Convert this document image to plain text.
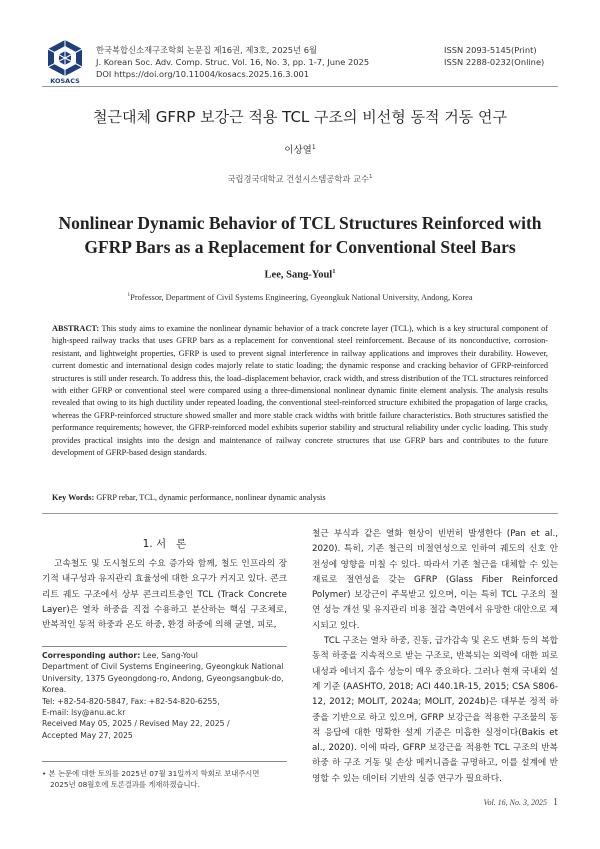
KOSACS
한국복합신소재구조학회 논문집 제16권, 제3호, 2025년 6월
J. Korean Soc. Adv. Comp. Struc. Vol. 16, No. 3, pp. 1-7, June 2025
DOI https://doi.org/10.11004/kosacs.2025.16.3.001
ISSN 2093-5145(Print)
ISSN 2288-0232(Online)
철근대체 GFRP 보강근 적용 TCL 구조의 비선형 동적 거동 연구
이상열$^1$
국립경국대학교 건설시스템공학과 교수$^1$
Nonlinear Dynamic Behavior of TCL Structures Reinforced with
GFRP Bars as a Replacement for Conventional Steel Bars
Lee, Sang-Youl$^1$
$^1$Professor, Department of Civil Systems Engineering, Gyeongkuk National University, Andong, Korea
ABSTRACT: This study aims to examine the nonlinear dynamic behavior of a track concrete layer (TCL), which is a key structural component of high-speed railway tracks that uses GFRP bars as a replacement for conventional steel reinforcement. Because of its nonconductive, corrosion-resistant, and lightweight properties, GFRP is used to prevent signal interference in railway applications and improves their durability. However, current domestic and international design codes majorly relate to static loading; the dynamic response and cracking behavior of GFRP-reinforced structures is still under research. To address this, the load–displacement behavior, crack width, and stress distribution of the TCL structures reinforced with either GFRP or conventional steel were compared using a three-dimensional nonlinear dynamic finite element analysis. The analysis results revealed that owing to its high ductility under repeated loading, the conventional steel-reinforced structure exhibited the propagation of large cracks, whereas the GFRP-reinforced structure showed smaller and more stable crack widths with brittle failure characteristics. Both structures satisfied the performance requirements; however, the GFRP-reinforced model exhibits superior stability and structural reliability under cyclic loading. This study provides practical insights into the design and maintenance of railway concrete structures that use GFRP bars and contributes to the future development of GFRP-based design standards.
Key Words: GFRP rebar, TCL, dynamic performance, nonlinear dynamic analysis
1. 서   론
고속철도 및 도시철도의 수요 증가와 함께, 철도 인프라의 장기적 내구성과 유지관리 효율성에 대한 요구가 커지고 있다. 콘크리트 궤도 구조에서 상부 콘크리트층인 TCL (Track Concrete Layer)은 열차 하중을 직접 수용하고 분산하는 핵심 구조체로, 반복적인 동적 하중과 온도 하중, 환경 하중에 의해 균열, 피로,
Corresponding author: Lee, Sang-Youl
Department of Civil Systems Engineering, Gyeongkuk National University, 1375 Gyeongdong-ro, Andong, Gyeongsangbuk-do, Korea.
Tel: +82-54-820-5847, Fax: +82-54-820-6255,
E-mail: lsy@anu.ac.kr
Received May 05, 2025 / Revised May 22, 2025 /
Accepted May 27, 2025
• 본 논문에 대한 토의를 2025년 07월 31일까지 학회로 보내주시면
2025년 08월호에 토론결과를 게재하겠습니다.

철근 부식과 같은 열화 현상이 빈번히 발생한다 (Pan et al., 2020). 특히, 기존 철근의 비절연성으로 인하여 궤도의 신호 안전성에 영향을 미칠 수 있다. 따라서 기존 철근을 대체할 수 있는 재료로 절연성을 갖는 GFRP (Glass Fiber Reinforced Polymer) 보강근이 주목받고 있으며, 이는 특히 TCL 구조의 절연 성능 개선 및 유지관리 비용 절감 측면에서 유망한 대안으로 제시되고 있다.

TCL 구조는 열차 하중, 진동, 급가감속 및 온도 변화 등의 복합 동적 하중을 지속적으로 받는 구조로, 반복되는 외력에 대한 피로 내성과 에너지 흡수 성능이 매우 중요하다. 그러나 현재 국내외 설계 기준 (AASHTO, 2018; ACI 440.1R-15, 2015; CSA S806-12, 2012; MOLIT, 2024a; MOLIT, 2024b)은 대부분 정적 하중을 기반으로 하고 있으며, GFRP 보강근을 적용한 구조물의 동적 응답에 대한 명확한 설계 기준은 미흡한 실정이다(Bakis et al., 2020). 이에 따라, GFRP 보강근을 적용한 TCL 구조의 반복하중 하 구조 거동 및 손상 메커니즘을 규명하고, 이를 설계에 반영할 수 있는 데이터 기반의 실증 연구가 필요하다.

Vol. 16, No. 3, 2025 1
